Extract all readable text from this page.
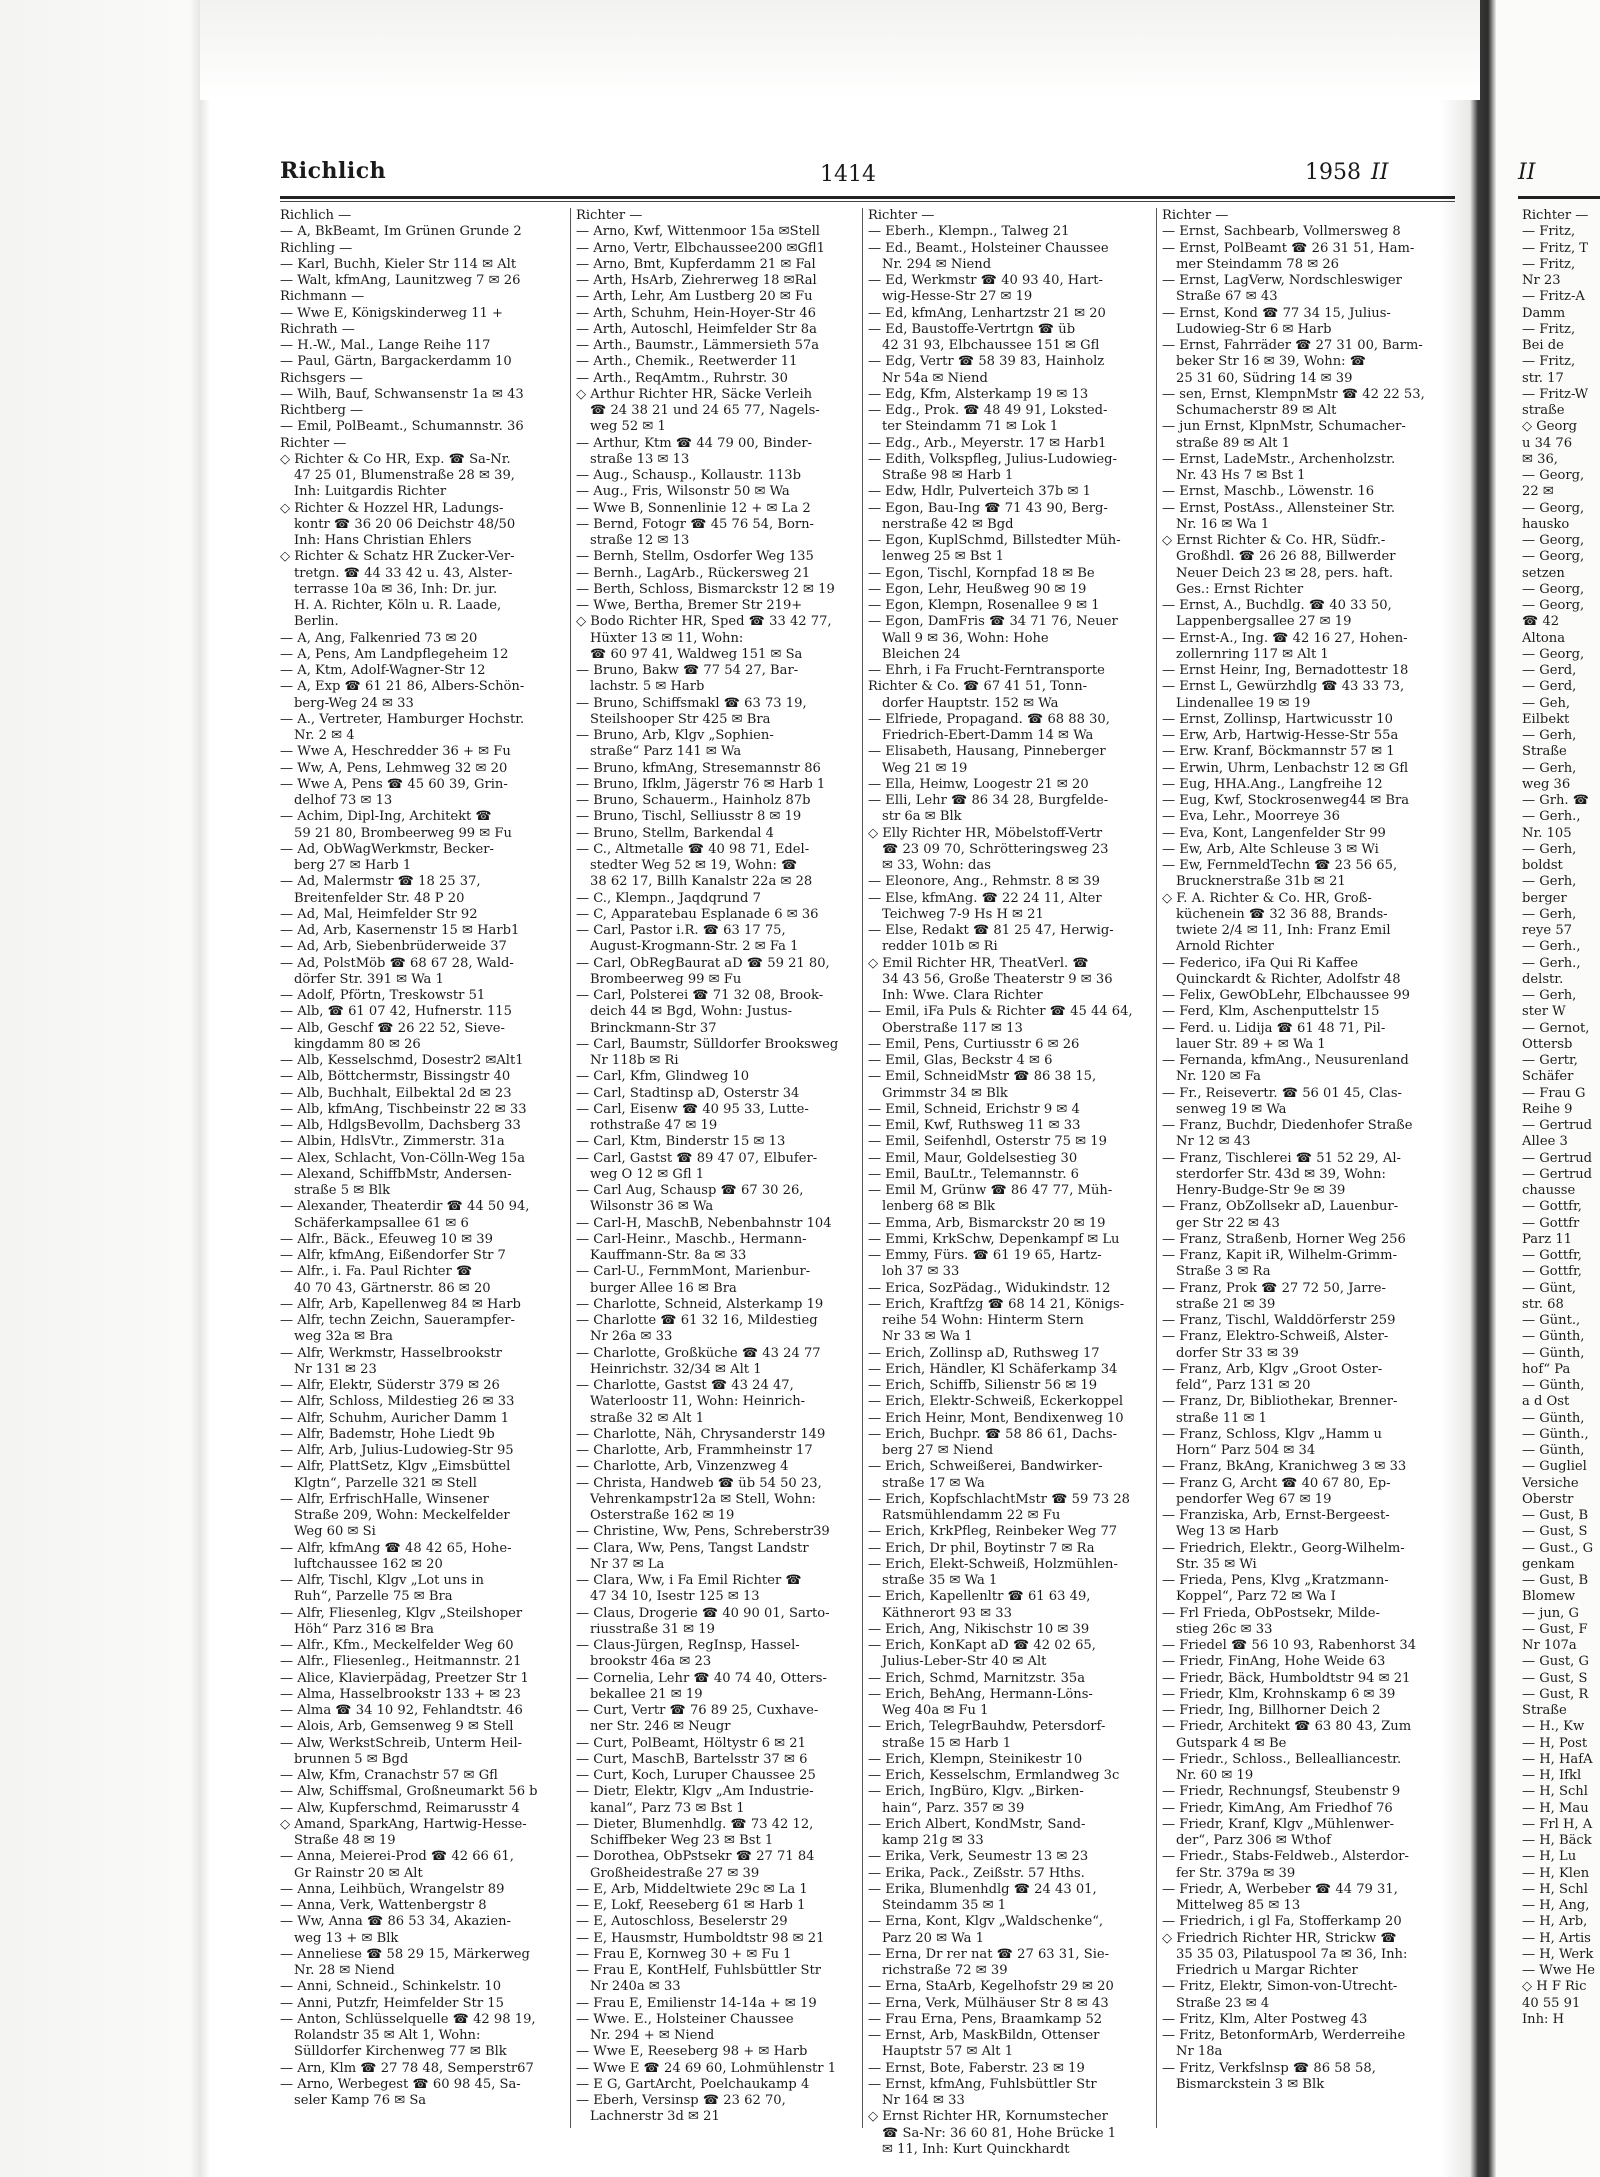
Richlich	1414	1958 II
Richlich —
— A, BkBeamt, Im Grünen Grunde 2
Richling —
— Karl, Buchh, Kieler Str 114 ✉ Alt
— Walt, kfmAng, Launitzweg 7 ✉ 26
Richmann —
— Wwe E, Königskinderweg 11 +
Richrath —
— H.-W., Mal., Lange Reihe 117
— Paul, Gärtn, Bargackerdamm 10
Richsgers —
— Wilh, Bauf, Schwansenstr 1a ✉ 43
Richtberg —
— Emil, PolBeamt., Schumannstr. 36
Richter —
◇ Richter & Co HR, Exp. ☎ Sa-Nr.
47 25 01, Blumenstraße 28 ✉ 39,
Inh: Luitgardis Richter
◇ Richter & Hozzel HR, Ladungs-
kontr ☎ 36 20 06 Deichstr 48/50
Inh: Hans Christian Ehlers
◇ Richter & Schatz HR Zucker-Ver-
tretgn. ☎ 44 33 42 u. 43, Alster-
terrasse 10a ✉ 36, Inh: Dr. jur.
H. A. Richter, Köln u. R. Laade,
Berlin.
— A, Ang, Falkenried 73 ✉ 20
— A, Pens, Am Landpflegeheim 12
— A, Ktm, Adolf-Wagner-Str 12
— A, Exp ☎ 61 21 86, Albers-Schön-
berg-Weg 24 ✉ 33
— A., Vertreter, Hamburger Hochstr.
Nr. 2 ✉ 4
— Wwe A, Heschredder 36 + ✉ Fu
— Ww, A, Pens, Lehmweg 32 ✉ 20
— Wwe A, Pens ☎ 45 60 39, Grin-
delhof 73 ✉ 13
— Achim, Dipl-Ing, Architekt ☎
59 21 80, Brombeerweg 99 ✉ Fu
— Ad, ObWagWerkmstr, Becker-
berg 27 ✉ Harb 1
— Ad, Malermstr ☎ 18 25 37,
Breitenfelder Str. 48 P 20
— Ad, Mal, Heimfelder Str 92
— Ad, Arb, Kasernenstr 15 ✉ Harb1
— Ad, Arb, Siebenbrüderweide 37
— Ad, PolstMöb ☎ 68 67 28, Wald-
dörfer Str. 391 ✉ Wa 1
— Adolf, Pförtn, Treskowstr 51
— Alb, ☎ 61 07 42, Hufnerstr. 115
— Alb, Geschf ☎ 26 22 52, Sieve-
kingdamm 80 ✉ 26
— Alb, Kesselschmd, Dosestr2 ✉Alt1
— Alb, Böttchermstr, Bissingstr 40
— Alb, Buchhalt, Eilbektal 2d ✉ 23
— Alb, kfmAng, Tischbeinstr 22 ✉ 33
— Alb, HdlgsBevollm, Dachsberg 33
— Albin, HdlsVtr., Zimmerstr. 31a
— Alex, Schlacht, Von-Cölln-Weg 15a
— Alexand, SchiffbMstr, Andersen-
straße 5 ✉ Blk
— Alexander, Theaterdir ☎ 44 50 94,
Schäferkampsallee 61 ✉ 6
— Alfr., Bäck., Efeuweg 10 ✉ 39
— Alfr, kfmAng, Eißendorfer Str 7
— Alfr., i. Fa. Paul Richter ☎
40 70 43, Gärtnerstr. 86 ✉ 20
— Alfr, Arb, Kapellenweg 84 ✉ Harb
— Alfr, techn Zeichn, Sauerampfer-
weg 32a ✉ Bra
— Alfr, Werkmstr, Hasselbrookstr
Nr 131 ✉ 23
— Alfr, Elektr, Süderstr 379 ✉ 26
— Alfr, Schloss, Mildestieg 26 ✉ 33
— Alfr, Schuhm, Auricher Damm 1
— Alfr, Bademstr, Hohe Liedt 9b
— Alfr, Arb, Julius-Ludowieg-Str 95
— Alfr, PlattSetz, Klgv „Eimsbüttel
Klgtn“, Parzelle 321 ✉ Stell
— Alfr, ErfrischHalle, Winsener
Straße 209, Wohn: Meckelfelder
Weg 60 ✉ Si
— Alfr, kfmAng ☎ 48 42 65, Hohe-
luftchaussee 162 ✉ 20
— Alfr, Tischl, Klgv „Lot uns in
Ruh“, Parzelle 75 ✉ Bra
— Alfr, Fliesenleg, Klgv „Steilshoper
Höh“ Parz 316 ✉ Bra
— Alfr., Kfm., Meckelfelder Weg 60
— Alfr., Fliesenleg., Heitmannstr. 21
— Alice, Klavierpädag, Preetzer Str 1
— Alma, Hasselbrookstr 133 + ✉ 23
— Alma ☎ 34 10 92, Fehlandtstr. 46
— Alois, Arb, Gemsenweg 9 ✉ Stell
— Alw, WerkstSchreib, Unterm Heil-
brunnen 5 ✉ Bgd
— Alw, Kfm, Cranachstr 57 ✉ Gfl
— Alw, Schiffsmal, Großneumarkt 56 b
— Alw, Kupferschmd, Reimarusstr 4
◇ Amand, SparkAng, Hartwig-Hesse-
Straße 48 ✉ 19
— Anna, Meierei-Prod ☎ 42 66 61,
Gr Rainstr 20 ✉ Alt
— Anna, Leihbüch, Wrangelstr 89
— Anna, Verk, Wattenbergstr 8
— Ww, Anna ☎ 86 53 34, Akazien-
weg 13 + ✉ Blk
— Anneliese ☎ 58 29 15, Märkerweg
Nr. 28 ✉ Niend
— Anni, Schneid., Schinkelstr. 10
— Anni, Putzfr, Heimfelder Str 15
— Anton, Schlüsselquelle ☎ 42 98 19,
Rolandstr 35 ✉ Alt 1, Wohn:
Sülldorfer Kirchenweg 77 ✉ Blk
— Arn, Klm ☎ 27 78 48, Semperstr67
— Arno, Werbegest ☎ 60 98 45, Sa-
seler Kamp 76 ✉ Sa
Richter —
— Arno, Kwf, Wittenmoor 15a ✉Stell
— Arno, Vertr, Elbchaussee200 ✉Gfl1
— Arno, Bmt, Kupferdamm 21 ✉ Fal
— Arth, HsArb, Ziehrerweg 18 ✉Ral
— Arth, Lehr, Am Lustberg 20 ✉ Fu
— Arth, Schuhm, Hein-Hoyer-Str 46
— Arth, Autoschl, Heimfelder Str 8a
— Arth., Baumstr., Lämmersieth 57a
— Arth., Chemik., Reetwerder 11
— Arth., ReqAmtm., Ruhrstr. 30
◇ Arthur Richter HR, Säcke Verleih
☎ 24 38 21 und 24 65 77, Nagels-
weg 52 ✉ 1
— Arthur, Ktm ☎ 44 79 00, Binder-
straße 13 ✉ 13
— Aug., Schausp., Kollaustr. 113b
— Aug., Fris, Wilsonstr 50 ✉ Wa
— Wwe B, Sonnenlinie 12 + ✉ La 2
— Bernd, Fotogr ☎ 45 76 54, Born-
straße 12 ✉ 13
— Bernh, Stellm, Osdorfer Weg 135
— Bernh., LagArb., Rückersweg 21
— Berth, Schloss, Bismarckstr 12 ✉ 19
— Wwe, Bertha, Bremer Str 219+
◇ Bodo Richter HR, Sped ☎ 33 42 77,
Hüxter 13 ✉ 11, Wohn:
☎ 60 97 41, Waldweg 151 ✉ Sa
— Bruno, Bakw ☎ 77 54 27, Bar-
lachstr. 5 ✉ Harb
— Bruno, Schiffsmakl ☎ 63 73 19,
Steilshooper Str 425 ✉ Bra
— Bruno, Arb, Klgv „Sophien-
straße“ Parz 141 ✉ Wa
— Bruno, kfmAng, Stresemannstr 86
— Bruno, Ifklm, Jägerstr 76 ✉ Harb 1
— Bruno, Schauerm., Hainholz 87b
— Bruno, Tischl, Selliusstr 8 ✉ 19
— Bruno, Stellm, Barkendal 4
— C., Altmetalle ☎ 40 98 71, Edel-
stedter Weg 52 ✉ 19, Wohn: ☎
38 62 17, Billh Kanalstr 22a ✉ 28
— C., Klempn., Jaqdqrund 7
— C, Apparatebau Esplanade 6 ✉ 36
— Carl, Pastor i.R. ☎ 63 17 75,
August-Krogmann-Str. 2 ✉ Fa 1
— Carl, ObRegBaurat aD ☎ 59 21 80,
Brombeerweg 99 ✉ Fu
— Carl, Polsterei ☎ 71 32 08, Brook-
deich 44 ✉ Bgd, Wohn: Justus-
Brinckmann-Str 37
— Carl, Baumstr, Sülldorfer Brooksweg
Nr 118b ✉ Ri
— Carl, Kfm, Glindweg 10
— Carl, Stadtinsp aD, Osterstr 34
— Carl, Eisenw ☎ 40 95 33, Lutte-
rothstraße 47 ✉ 19
— Carl, Ktm, Binderstr 15 ✉ 13
— Carl, Gastst ☎ 89 47 07, Elbufer-
weg O 12 ✉ Gfl 1
— Carl Aug, Schausp ☎ 67 30 26,
Wilsonstr 36 ✉ Wa
— Carl-H, MaschB, Nebenbahnstr 104
— Carl-Heinr., Maschb., Hermann-
Kauffmann-Str. 8a ✉ 33
— Carl-U., FernmMont, Marienbur-
burger Allee 16 ✉ Bra
— Charlotte, Schneid, Alsterkamp 19
— Charlotte ☎ 61 32 16, Mildestieg
Nr 26a ✉ 33
— Charlotte, Großküche ☎ 43 24 77
Heinrichstr. 32/34 ✉ Alt 1
— Charlotte, Gastst ☎ 43 24 47,
Waterloostr 11, Wohn: Heinrich-
straße 32 ✉ Alt 1
— Charlotte, Näh, Chrysanderstr 149
— Charlotte, Arb, Frammheinstr 17
— Charlotte, Arb, Vinzenzweg 4
— Christa, Handweb ☎ üb 54 50 23,
Vehrenkampstr12a ✉ Stell, Wohn:
Osterstraße 162 ✉ 19
— Christine, Ww, Pens, Schreberstr39
— Clara, Ww, Pens, Tangst Landstr
Nr 37 ✉ La
— Clara, Ww, i Fa Emil Richter ☎
47 34 10, Isestr 125 ✉ 13
— Claus, Drogerie ☎ 40 90 01, Sarto-
riusstraße 31 ✉ 19
— Claus-Jürgen, RegInsp, Hassel-
brookstr 46a ✉ 23
— Cornelia, Lehr ☎ 40 74 40, Otters-
bekallee 21 ✉ 19
— Curt, Vertr ☎ 76 89 25, Cuxhave-
ner Str. 246 ✉ Neugr
— Curt, PolBeamt, Höltystr 6 ✉ 21
— Curt, MaschB, Bartelsstr 37 ✉ 6
— Curt, Koch, Luruper Chaussee 25
— Dietr, Elektr, Klgv „Am Industrie-
kanal“, Parz 73 ✉ Bst 1
— Dieter, Blumenhdlg. ☎ 73 42 12,
Schiffbeker Weg 23 ✉ Bst 1
— Dorothea, ObPstsekr ☎ 27 71 84
Großheidestraße 27 ✉ 39
— E, Arb, Middeltwiete 29c ✉ La 1
— E, Lokf, Reeseberg 61 ✉ Harb 1
— E, Autoschloss, Beselerstr 29
— E, Hausmstr, Humboldtstr 98 ✉ 21
— Frau E, Kornweg 30 + ✉ Fu 1
— Frau E, KontHelf, Fuhlsbüttler Str
Nr 240a ✉ 33
— Frau E, Emilienstr 14-14a + ✉ 19
— Wwe. E., Holsteiner Chaussee
Nr. 294 + ✉ Niend
— Wwe E, Reeseberg 98 + ✉ Harb
— Wwe E ☎ 24 69 60, Lohmühlenstr 1
— E G, GartArcht, Poelchaukamp 4
— Eberh, Versinsp ☎ 23 62 70,
Lachnerstr 3d ✉ 21
Richter —
— Eberh., Klempn., Talweg 21
— Ed., Beamt., Holsteiner Chaussee
Nr. 294 ✉ Niend
— Ed, Werkmstr ☎ 40 93 40, Hart-
wig-Hesse-Str 27 ✉ 19
— Ed, kfmAng, Lenhartzstr 21 ✉ 20
— Ed, Baustoffe-Vertrtgn ☎ üb
42 31 93, Elbchaussee 151 ✉ Gfl
— Edg, Vertr ☎ 58 39 83, Hainholz
Nr 54a ✉ Niend
— Edg, Kfm, Alsterkamp 19 ✉ 13
— Edg., Prok. ☎ 48 49 91, Loksted-
ter Steindamm 71 ✉ Lok 1
— Edg., Arb., Meyerstr. 17 ✉ Harb1
— Edith, Volkspfleg, Julius-Ludowieg-
Straße 98 ✉ Harb 1
— Edw, Hdlr, Pulverteich 37b ✉ 1
— Egon, Bau-Ing ☎ 71 43 90, Berg-
nerstraße 42 ✉ Bgd
— Egon, KuplSchmd, Billstedter Müh-
lenweg 25 ✉ Bst 1
— Egon, Tischl, Kornpfad 18 ✉ Be
— Egon, Lehr, Heußweg 90 ✉ 19
— Egon, Klempn, Rosenallee 9 ✉ 1
— Egon, DamFris ☎ 34 71 76, Neuer
Wall 9 ✉ 36, Wohn: Hohe
Bleichen 24
— Ehrh, i Fa Frucht-Ferntransporte
Richter & Co. ☎ 67 41 51, Tonn-
dorfer Hauptstr. 152 ✉ Wa
— Elfriede, Propagand. ☎ 68 88 30,
Friedrich-Ebert-Damm 14 ✉ Wa
— Elisabeth, Hausang, Pinneberger
Weg 21 ✉ 19
— Ella, Heimw, Loogestr 21 ✉ 20
— Elli, Lehr ☎ 86 34 28, Burgfelde-
str 6a ✉ Blk
◇ Elly Richter HR, Möbelstoff-Vertr
☎ 23 09 70, Schrötteringsweg 23
✉ 33, Wohn: das
— Eleonore, Ang., Rehmstr. 8 ✉ 39
— Else, kfmAng. ☎ 22 24 11, Alter
Teichweg 7-9 Hs H ✉ 21
— Else, Redakt ☎ 81 25 47, Herwig-
redder 101b ✉ Ri
◇ Emil Richter HR, TheatVerl. ☎
34 43 56, Große Theaterstr 9 ✉ 36
Inh: Wwe. Clara Richter
— Emil, iFa Puls & Richter ☎ 45 44 64,
Oberstraße 117 ✉ 13
— Emil, Pens, Curtiusstr 6 ✉ 26
— Emil, Glas, Beckstr 4 ✉ 6
— Emil, SchneidMstr ☎ 86 38 15,
Grimmstr 34 ✉ Blk
— Emil, Schneid, Erichstr 9 ✉ 4
— Emil, Kwf, Ruthsweg 11 ✉ 33
— Emil, Seifenhdl, Osterstr 75 ✉ 19
— Emil, Maur, Goldelsestieg 30
— Emil, BauLtr., Telemannstr. 6
— Emil M, Grünw ☎ 86 47 77, Müh-
lenberg 68 ✉ Blk
— Emma, Arb, Bismarckstr 20 ✉ 19
— Emmi, KrkSchw, Depenkampf ✉ Lu
— Emmy, Fürs. ☎ 61 19 65, Hartz-
loh 37 ✉ 33
— Erica, SozPädag., Widukindstr. 12
— Erich, Kraftfzg ☎ 68 14 21, Königs-
reihe 54 Wohn: Hinterm Stern
Nr 33 ✉ Wa 1
— Erich, Zollinsp aD, Ruthsweg 17
— Erich, Händler, Kl Schäferkamp 34
— Erich, Schiffb, Silienstr 56 ✉ 19
— Erich, Elektr-Schweiß, Eckerkoppel
— Erich Heinr, Mont, Bendixenweg 10
— Erich, Buchpr. ☎ 58 86 61, Dachs-
berg 27 ✉ Niend
— Erich, Schweißerei, Bandwirker-
straße 17 ✉ Wa
— Erich, KopfschlachtMstr ☎ 59 73 28
Ratsmühlendamm 22 ✉ Fu
— Erich, KrkPfleg, Reinbeker Weg 77
— Erich, Dr phil, Boytinstr 7 ✉ Ra
— Erich, Elekt-Schweiß, Holzmühlen-
straße 35 ✉ Wa 1
— Erich, Kapellenltr ☎ 61 63 49,
Käthnerort 93 ✉ 33
— Erich, Ang, Nikischstr 10 ✉ 39
— Erich, KonKapt aD ☎ 42 02 65,
Julius-Leber-Str 40 ✉ Alt
— Erich, Schmd, Marnitzstr. 35a
— Erich, BehAng, Hermann-Löns-
Weg 40a ✉ Fu 1
— Erich, TelegrBauhdw, Petersdorf-
straße 15 ✉ Harb 1
— Erich, Klempn, Steinikestr 10
— Erich, Kesselschm, Ermlandweg 3c
— Erich, IngBüro, Klgv. „Birken-
hain“, Parz. 357 ✉ 39
— Erich Albert, KondMstr, Sand-
kamp 21g ✉ 33
— Erika, Verk, Seumestr 13 ✉ 23
— Erika, Pack., Zeißstr. 57 Hths.
— Erika, Blumenhdlg ☎ 24 43 01,
Steindamm 35 ✉ 1
— Erna, Kont, Klgv „Waldschenke“,
Parz 20 ✉ Wa 1
— Erna, Dr rer nat ☎ 27 63 31, Sie-
richstraße 72 ✉ 39
— Erna, StaArb, Kegelhofstr 29 ✉ 20
— Erna, Verk, Mülhäuser Str 8 ✉ 43
— Frau Erna, Pens, Braamkamp 52
— Ernst, Arb, MaskBildn, Ottenser
Hauptstr 57 ✉ Alt 1
— Ernst, Bote, Faberstr. 23 ✉ 19
— Ernst, kfmAng, Fuhlsbüttler Str
Nr 164 ✉ 33
◇ Ernst Richter HR, Kornumstecher
☎ Sa-Nr: 36 60 81, Hohe Brücke 1
✉ 11, Inh: Kurt Quinckhardt
Richter —
— Ernst, Sachbearb, Vollmersweg 8
— Ernst, PolBeamt ☎ 26 31 51, Ham-
mer Steindamm 78 ✉ 26
— Ernst, LagVerw, Nordschleswiger
Straße 67 ✉ 43
— Ernst, Kond ☎ 77 34 15, Julius-
Ludowieg-Str 6 ✉ Harb
— Ernst, Fahrräder ☎ 27 31 00, Barm-
beker Str 16 ✉ 39, Wohn: ☎
25 31 60, Südring 14 ✉ 39
— sen, Ernst, KlempnMstr ☎ 42 22 53,
Schumacherstr 89 ✉ Alt
— jun Ernst, KlpnMstr, Schumacher-
straße 89 ✉ Alt 1
— Ernst, LadeMstr., Archenholzstr.
Nr. 43 Hs 7 ✉ Bst 1
— Ernst, Maschb., Löwenstr. 16
— Ernst, PostAss., Allensteiner Str.
Nr. 16 ✉ Wa 1
◇ Ernst Richter & Co. HR, Südfr.-
Großhdl. ☎ 26 26 88, Billwerder
Neuer Deich 23 ✉ 28, pers. haft.
Ges.: Ernst Richter
— Ernst, A., Buchdlg. ☎ 40 33 50,
Lappenbergsallee 27 ✉ 19
— Ernst-A., Ing. ☎ 42 16 27, Hohen-
zollernring 117 ✉ Alt 1
— Ernst Heinr, Ing, Bernadottestr 18
— Ernst L, Gewürzhdlg ☎ 43 33 73,
Lindenallee 19 ✉ 19
— Ernst, Zollinsp, Hartwicusstr 10
— Erw, Arb, Hartwig-Hesse-Str 55a
— Erw. Kranf, Böckmannstr 57 ✉ 1
— Erwin, Uhrm, Lenbachstr 12 ✉ Gfl
— Eug, HHA.Ang., Langfreihe 12
— Eug, Kwf, Stockrosenweg44 ✉ Bra
— Eva, Lehr., Moorreye 36
— Eva, Kont, Langenfelder Str 99
— Ew, Arb, Alte Schleuse 3 ✉ Wi
— Ew, FernmeldTechn ☎ 23 56 65,
Brucknerstraße 31b ✉ 21
◇ F. A. Richter & Co. HR, Groß-
küchenein ☎ 32 36 88, Brands-
twiete 2/4 ✉ 11, Inh: Franz Emil
Arnold Richter
— Federico, iFa Qui Ri Kaffee
Quinckardt & Richter, Adolfstr 48
— Felix, GewObLehr, Elbchaussee 99
— Ferd, Klm, Aschenputtelstr 15
— Ferd. u. Lidija ☎ 61 48 71, Pil-
lauer Str. 89 + ✉ Wa 1
— Fernanda, kfmAng., Neusurenland
Nr. 120 ✉ Fa
— Fr., Reisevertr. ☎ 56 01 45, Clas-
senweg 19 ✉ Wa
— Franz, Buchdr, Diedenhofer Straße
Nr 12 ✉ 43
— Franz, Tischlerei ☎ 51 52 29, Al-
sterdorfer Str. 43d ✉ 39, Wohn:
Henry-Budge-Str 9e ✉ 39
— Franz, ObZollsekr aD, Lauenbur-
ger Str 22 ✉ 43
— Franz, Straßenb, Horner Weg 256
— Franz, Kapit iR, Wilhelm-Grimm-
Straße 3 ✉ Ra
— Franz, Prok ☎ 27 72 50, Jarre-
straße 21 ✉ 39
— Franz, Tischl, Walddörferstr 259
— Franz, Elektro-Schweiß, Alster-
dorfer Str 33 ✉ 39
— Franz, Arb, Klgv „Groot Oster-
feld“, Parz 131 ✉ 20
— Franz, Dr, Bibliothekar, Brenner-
straße 11 ✉ 1
— Franz, Schloss, Klgv „Hamm u
Horn“ Parz 504 ✉ 34
— Franz, BkAng, Kranichweg 3 ✉ 33
— Franz G, Archt ☎ 40 67 80, Ep-
pendorfer Weg 67 ✉ 19
— Franziska, Arb, Ernst-Bergeest-
Weg 13 ✉ Harb
— Friedrich, Elektr., Georg-Wilhelm-
Str. 35 ✉ Wi
— Frieda, Pens, Klvg „Kratzmann-
Koppel“, Parz 72 ✉ Wa I
— Frl Frieda, ObPostsekr, Milde-
stieg 26c ✉ 33
— Friedel ☎ 56 10 93, Rabenhorst 34
— Friedr, FinAng, Hohe Weide 63
— Friedr, Bäck, Humboldtstr 94 ✉ 21
— Friedr, Klm, Krohnskamp 6 ✉ 39
— Friedr, Ing, Billhorner Deich 2
— Friedr, Architekt ☎ 63 80 43, Zum
Gutspark 4 ✉ Be
— Friedr., Schloss., Bellealliancestr.
Nr. 60 ✉ 19
— Friedr, Rechnungsf, Steubenstr 9
— Friedr, KimAng, Am Friedhof 76
— Friedr, Kranf, Klgv „Mühlenwer-
der“, Parz 306 ✉ Wthof
— Friedr., Stabs-Feldweb., Alsterdor-
fer Str. 379a ✉ 39
— Friedr, A, Werbeber ☎ 44 79 31,
Mittelweg 85 ✉ 13
— Friedrich, i gl Fa, Stofferkamp 20
◇ Friedrich Richter HR, Strickw ☎
35 35 03, Pilatuspool 7a ✉ 36, Inh:
Friedrich u Margar Richter
— Fritz, Elektr, Simon-von-Utrecht-
Straße 23 ✉ 4
— Fritz, Klm, Alter Postweg 43
— Fritz, BetonformArb, Werderreihe
Nr 18a
— Fritz, Verkfslnsp ☎ 86 58 58,
Bismarckstein 3 ✉ Blk
II
Richter —
— Fritz,
— Fritz, T
— Fritz,
Nr 23
— Fritz-A
Damm
— Fritz,
Bei de
— Fritz,
str. 17
— Fritz-W
straße
◇ Georg
u 34 76
✉ 36,
— Georg,
22 ✉
— Georg,
hausko
— Georg,
— Georg,
setzen
— Georg,
— Georg,
☎ 42
Altona
— Georg,
— Gerd,
— Gerd,
— Geh,
Eilbekt
— Gerh,
Straße
— Gerh,
weg 36
— Grh. ☎
— Gerh.,
Nr. 105
— Gerh,
boldst
— Gerh,
berger
— Gerh,
reye 57
— Gerh.,
— Gerh.,
delstr.
— Gerh,
ster W
— Gernot,
Ottersb
— Gertr,
Schäfer
— Frau G
Reihe 9
— Gertrud
Allee 3
— Gertrud
— Gertrud
chausse
— Gottfr,
— Gottfr
Parz 11
— Gottfr,
— Gottfr,
— Günt,
str. 68
— Günt.,
— Günth,
— Günth,
hof“ Pa
— Günth,
a d Ost
— Günth,
— Günth.,
— Günth,
— Gugliel
Versiche
Oberstr
— Gust, B
— Gust, S
— Gust., G
genkam
— Gust, B
Blomew
— jun, G
— Gust, F
Nr 107a
— Gust, G
— Gust, S
— Gust, R
Straße
— H., Kw
— H, Post
— H, HafA
— H, Ifkl
— H, Schl
— H, Mau
— Frl H, A
— H, Bäck
— H, Lu
— H, Klen
— H, Schl
— H, Ang,
— H, Arb,
— H, Artis
— H, Werk
— Wwe He
◇ H F Ric
40 55 91
Inh: H
